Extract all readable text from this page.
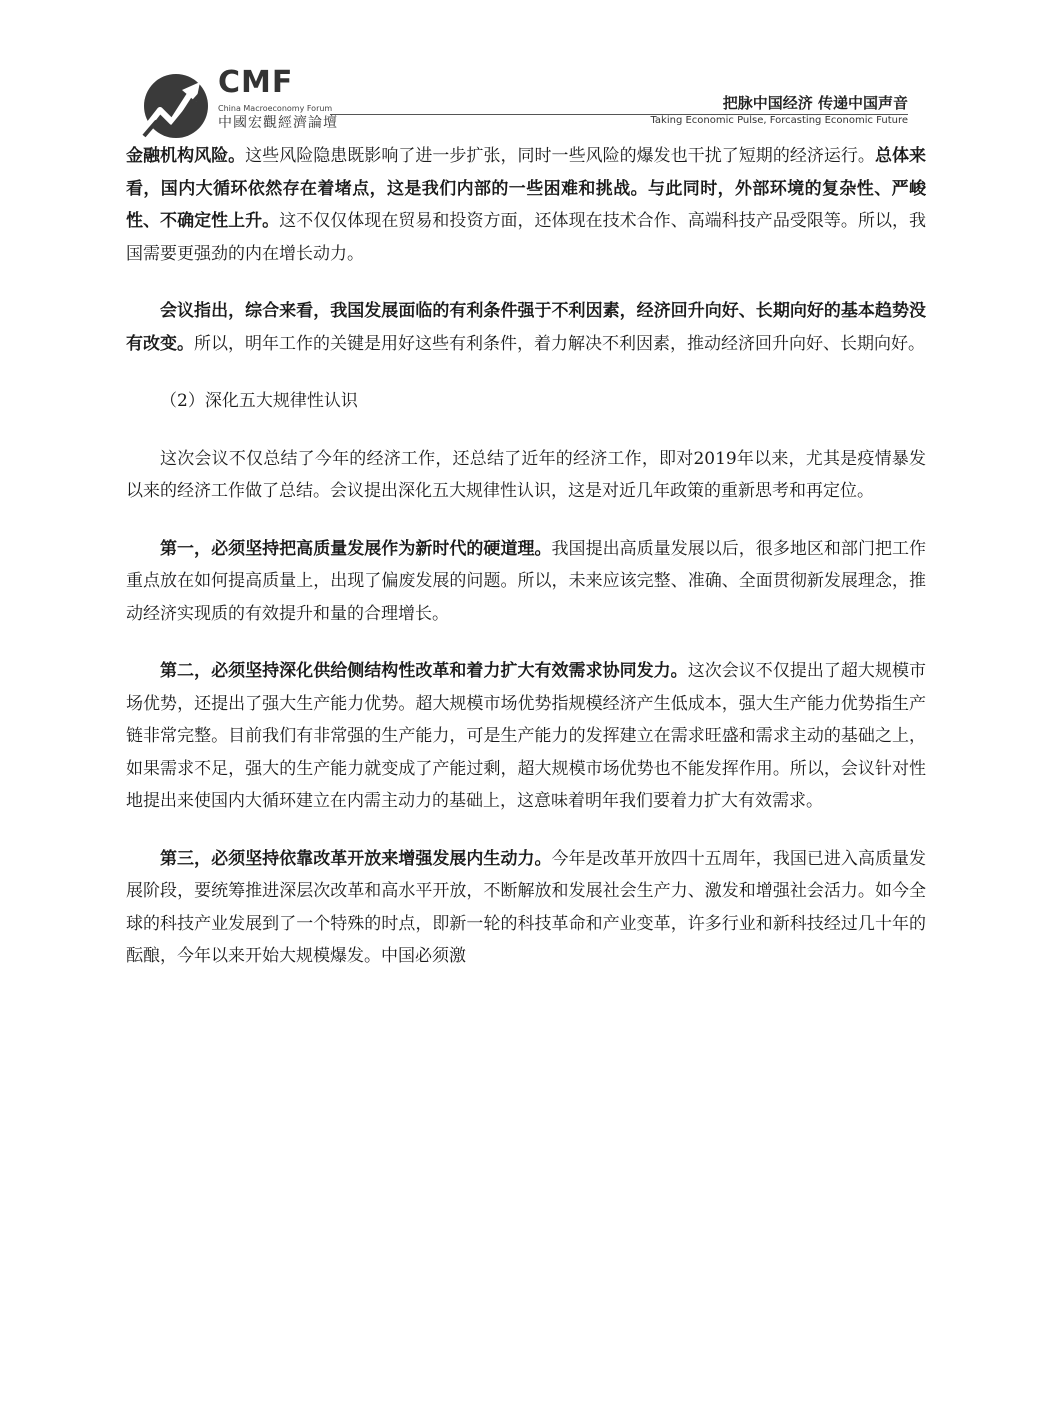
CMF
China Macroeconomy Forum
中國宏觀經濟論壇
把脉中国经济 传递中国声音
Taking Economic Pulse, Forcasting Economic Future

金融机构风险。这些风险隐患既影响了进一步扩张，同时一些风险的爆发也干扰了短期的经济运行。总体来看，国内大循环依然存在着堵点，这是我们内部的一些困难和挑战。与此同时，外部环境的复杂性、严峻性、不确定性上升。这不仅仅体现在贸易和投资方面，还体现在技术合作、高端科技产品受限等。所以，我国需要更强劲的内在增长动力。

会议指出，综合来看，我国发展面临的有利条件强于不利因素，经济回升向好、长期向好的基本趋势没有改变。所以，明年工作的关键是用好这些有利条件，着力解决不利因素，推动经济回升向好、长期向好。

（2）深化五大规律性认识

这次会议不仅总结了今年的经济工作，还总结了近年的经济工作，即对2019年以来，尤其是疫情暴发以来的经济工作做了总结。会议提出深化五大规律性认识，这是对近几年政策的重新思考和再定位。

第一，必须坚持把高质量发展作为新时代的硬道理。我国提出高质量发展以后，很多地区和部门把工作重点放在如何提高质量上，出现了偏废发展的问题。所以，未来应该完整、准确、全面贯彻新发展理念，推动经济实现质的有效提升和量的合理增长。

第二，必须坚持深化供给侧结构性改革和着力扩大有效需求协同发力。这次会议不仅提出了超大规模市场优势，还提出了强大生产能力优势。超大规模市场优势指规模经济产生低成本，强大生产能力优势指生产链非常完整。目前我们有非常强的生产能力，可是生产能力的发挥建立在需求旺盛和需求主动的基础之上，如果需求不足，强大的生产能力就变成了产能过剩，超大规模市场优势也不能发挥作用。所以，会议针对性地提出来使国内大循环建立在内需主动力的基础上，这意味着明年我们要着力扩大有效需求。

第三，必须坚持依靠改革开放来增强发展内生动力。今年是改革开放四十五周年，我国已进入高质量发展阶段，要统筹推进深层次改革和高水平开放，不断解放和发展社会生产力、激发和增强社会活力。如今全球的科技产业发展到了一个特殊的时点，即新一轮的科技革命和产业变革，许多行业和新科技经过几十年的酝酿，今年以来开始大规模爆发。中国必须激
